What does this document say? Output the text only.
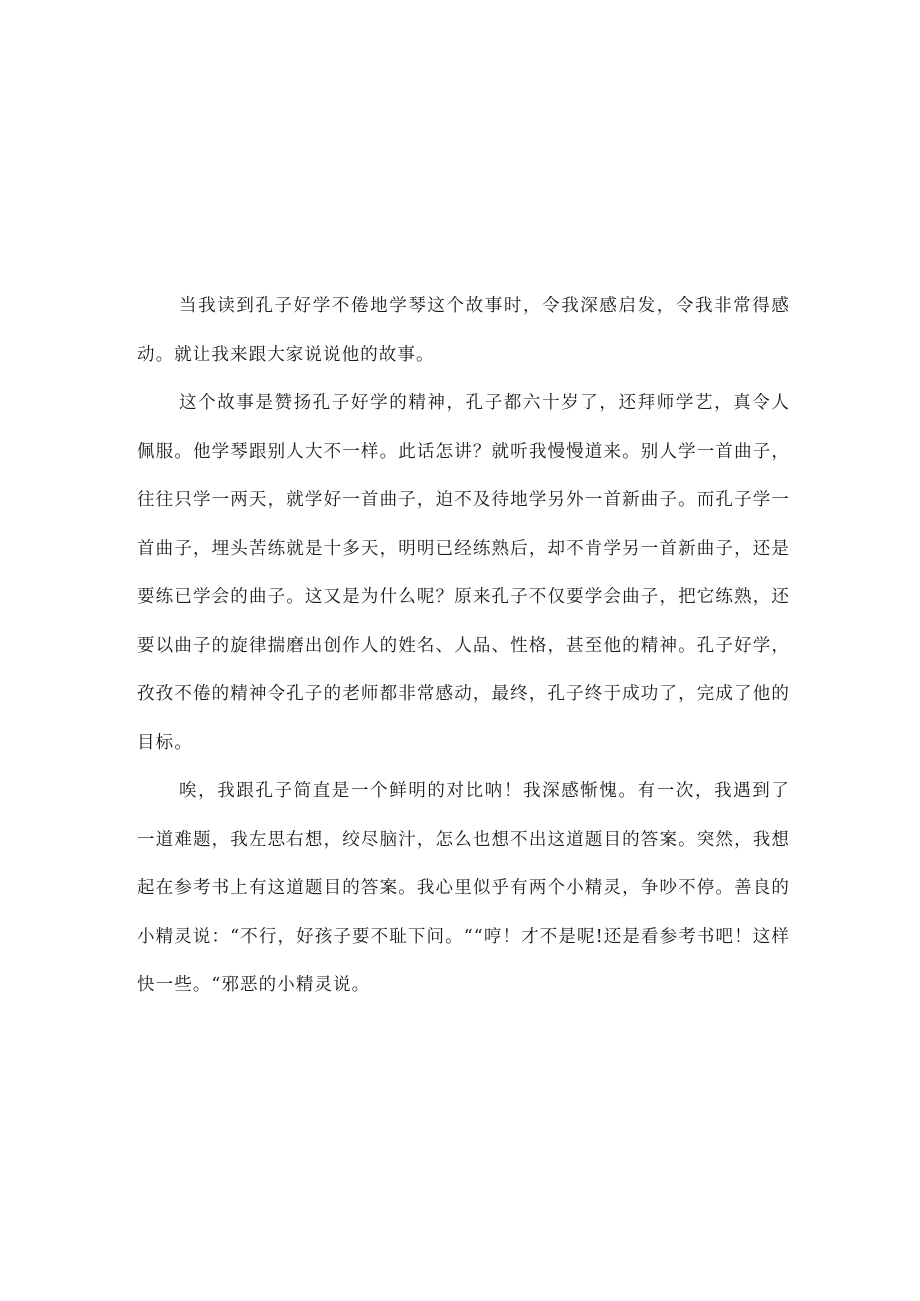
当我读到孔子好学不倦地学琴这个故事时，令我深感启发，令我非常得感动。就让我来跟大家说说他的故事。

这个故事是赞扬孔子好学的精神，孔子都六十岁了，还拜师学艺，真令人佩服。他学琴跟别人大不一样。此话怎讲？就听我慢慢道来。别人学一首曲子，往往只学一两天，就学好一首曲子，迫不及待地学另外一首新曲子。而孔子学一首曲子，埋头苦练就是十多天，明明已经练熟后，却不肯学另一首新曲子，还是要练已学会的曲子。这又是为什么呢？原来孔子不仅要学会曲子，把它练熟，还要以曲子的旋律揣磨出创作人的姓名、人品、性格，甚至他的精神。孔子好学，孜孜不倦的精神令孔子的老师都非常感动，最终，孔子终于成功了，完成了他的目标。

唉，我跟孔子简直是一个鲜明的对比呐！我深感惭愧。有一次，我遇到了一道难题，我左思右想，绞尽脑汁，怎么也想不出这道题目的答案。突然，我想起在参考书上有这道题目的答案。我心里似乎有两个小精灵，争吵不停。善良的小精灵说：“不行，好孩子要不耻下问。““哼！才不是呢!还是看参考书吧！这样快一些。“邪恶的小精灵说。
